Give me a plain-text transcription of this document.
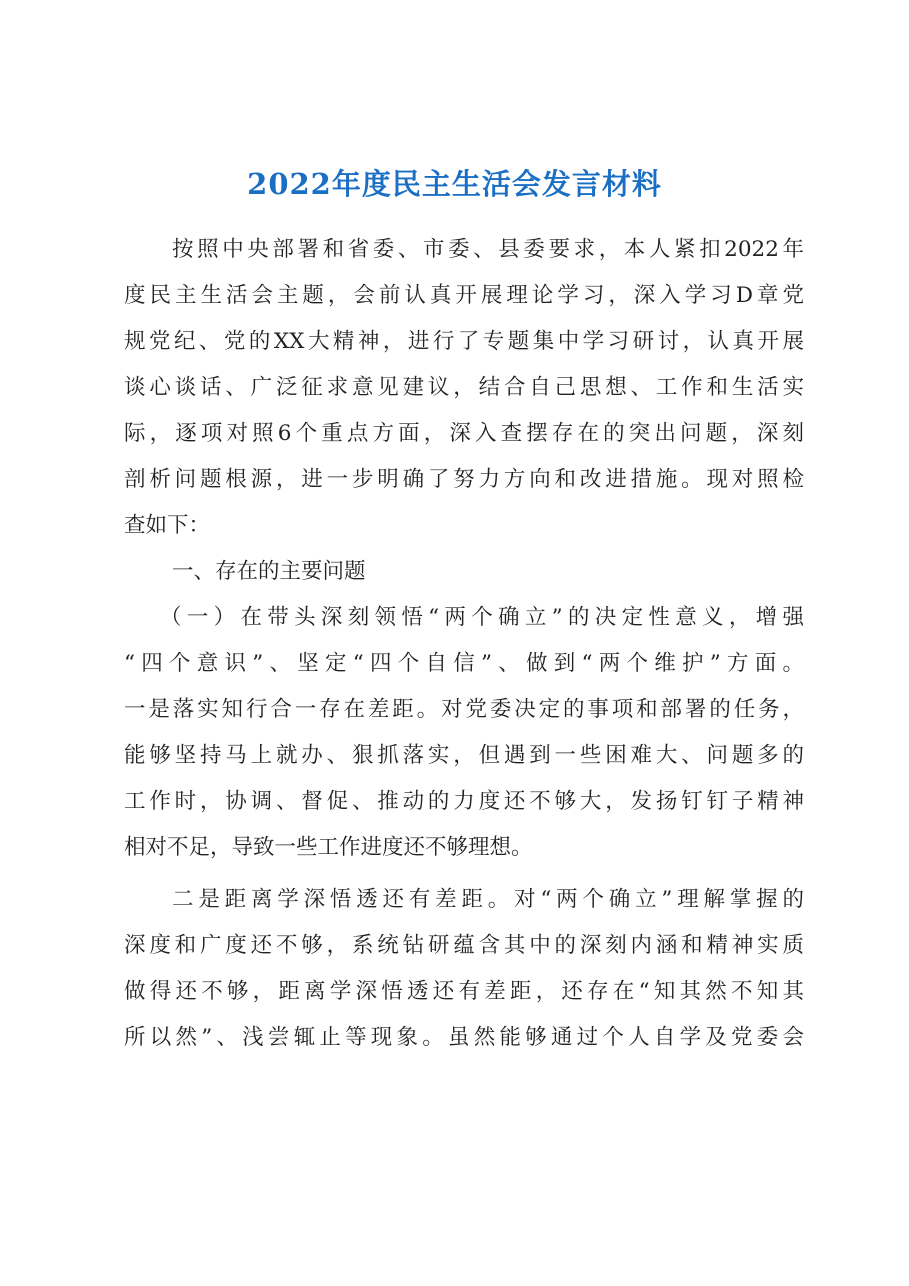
2022年度民主生活会发言材料
按照中央部署和省委、市委、县委要求，本人紧扣2022年
度民主生活会主题，会前认真开展理论学习，深入学习D章党
规党纪、党的XX大精神，进行了专题集中学习研讨，认真开展
谈心谈话、广泛征求意见建议，结合自己思想、工作和生活实
际，逐项对照6个重点方面，深入查摆存在的突出问题，深刻
剖析问题根源，进一步明确了努力方向和改进措施。现对照检
查如下：
一、存在的主要问题
（一）在带头深刻领悟“两个确立”的决定性意义，增强
“四个意识”、坚定“四个自信”、做到“两个维护”方面。
一是落实知行合一存在差距。对党委决定的事项和部署的任务，
能够坚持马上就办、狠抓落实，但遇到一些困难大、问题多的
工作时，协调、督促、推动的力度还不够大，发扬钉钉子精神
相对不足，导致一些工作进度还不够理想。
二是距离学深悟透还有差距。对“两个确立”理解掌握的
深度和广度还不够，系统钻研蕴含其中的深刻内涵和精神实质
做得还不够，距离学深悟透还有差距，还存在“知其然不知其
所以然”、浅尝辄止等现象。虽然能够通过个人自学及党委会
